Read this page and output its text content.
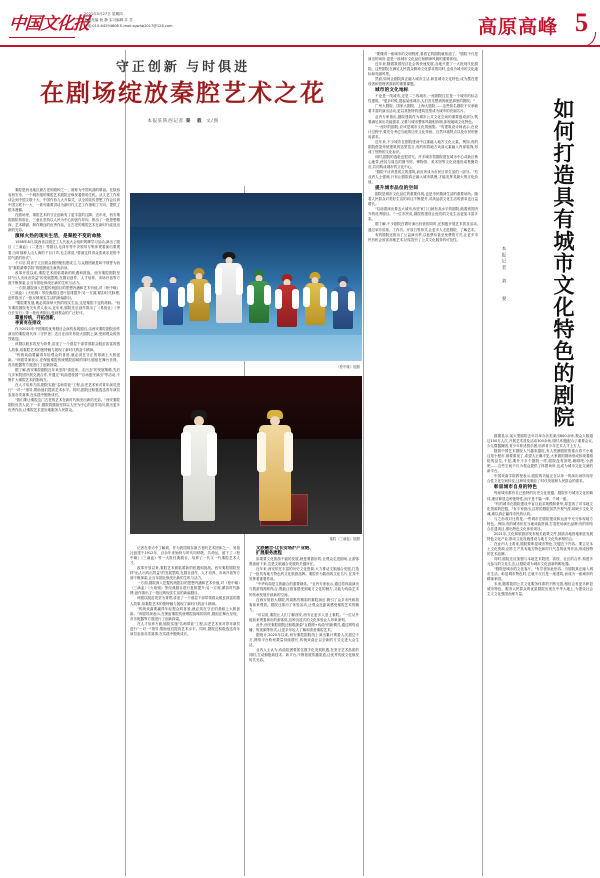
中国文化报
2021年5月27日 星期四
本版责编 倪 静 实习编辑 井 竽
电话:010-64294608 E-mail:zgwhb2017@126.com	高原高峰 5
守正创新 与时俱进
在剧场绽放秦腔艺术之花
本报驻陕西记者 秦 毅 文/图

秦腔是西北地区最古老的剧种之一，被称为中国戏曲的鼻祖。在陕西省西安市，一个城市级的秦腔艺术剧院正焕发着勃勃生机。从文艺工作座谈会到中国文联十大、中国作协九大开幕式，从全国宣传思想工作会议到中国文联十一大，一系列重要讲话为新时代文艺工作指明了方向，提供了根本遵循。

在剧场里，秦腔艺术的守正创新有了更丰富的注脚。近年来，西安秦腔剧院易俗社、三意社坚持以人民为中心的创作导向，推出了一批思想精深、艺术精湛、制作精良的优秀作品，让古老的秦腔艺术在新时代绽放出新的光彩。

演绎火热的现实生活，是秦腔不变的命脉

1958年8月,陕西省汉剧艺工人代表大会组织观摩学习活动,演出了剧目《三滴血》《二进宫》等剧目,毛泽东等中央领导专集体观看演出要观看,当时那种人山人海的千百口声,毛主席说,"要演这样得众喜欢乐见的中国气派的形式"。

个月后,同省宁立区剧众剧团便组建成立,与众剧团就是叫中领誉为西安"秦腔最尊学院"的剧团诞生就的前身。

改革开放以来,秦腔艺术面临着新的机遇和挑战。西安秦腔剧院坚持"出人出戏出效益"的发展思路,在剧目创作、人才培养、市场开拓等方面不断探索,让百年剧社焕发出新的生机与活力。

一方面,剧院深入挖掘传统剧目的思想内涵和艺术价值,对《柜中缘》《三滴血》《火焰驹》等经典剧目进行复排提升;另一方面,紧扣时代脉搏,创作推出了一批反映现实生活的新编剧目。

"秦腔要发展,就必须演绎火热的现实生活,这是秦腔不变的命脉。"西安秦腔剧院有关负责人表示,近年来,剧院先后创作推出了《易俗社》《李白长安行》等一批优秀剧目,受到观众的广泛好评。

尊重传统，开拓创新，

李寅有在排戏

作为2021年中国秦腔优秀剧目会演的参展剧目,由西安秦腔剧院创作演出的秦腔现代戏《守护者》近日在西安易俗大剧院上演,受到观众的热烈欢迎。

该剧以脱贫攻坚为背景,讲述了一个基层干部带领群众脱贫致富的感人故事,用秦腔艺术的独特魅力展现了新时代的奋斗精神。

"传统戏曲要赢得年轻观众的喜爱,就必须在守正的基础上大胆创新。"该剧导演表示,在保留秦腔传统唱腔韵味的同时,剧组在舞台呈现、音乐配器等方面进行了创新探索。

据了解,西安秦腔剧院近年来坚持"请进来、走出去"的发展策略,先后与多家院团开展交流合作,并通过"戏曲进校园""百场惠民演出"等活动,不断扩大秦腔艺术的影响力。

在人才培养方面,剧院实施"名师带徒"工程,由老艺术家对青年演员进行"一对一"指导,帮助他们提高艺术水平。同时,剧院还积极选送青年演员参加各类赛事,在实践中锻炼成长。

"我们要让秦腔这门古老的艺术在新时代焕发出新的光彩。"西安秦腔剧院负责人说,下一步,剧院将继续坚持以人民为中心的创作导向,推出更多优秀作品,让秦腔艺术更好地服务人民群众。

《柜中缘》剧照
秦腔《三滴血》剧照

记者在采访中了解到，作为我国现存最古老的艺术团体之一，易俗社创建于1912年，百余年来始终与时代同呼吸、共命运，留下了《柜中缘》《三滴血》等一大批经典剧目，培养了一代又一代秦腔艺术人才。

改革开放以来,秦腔艺术面临着新的机遇和挑战。西安秦腔剧院坚持"出人出戏出效益"的发展思路,在剧目创作、人才培养、市场开拓等方面不断探索,让百年剧社焕发出新的生机与活力。

一方面,剧院深入挖掘传统剧目的思想内涵和艺术价值,对《柜中缘》《三滴血》《火焰驹》等经典剧目进行复排提升;另一方面,紧扣时代脉搏,创作推出了一批反映现实生活的新编剧目。

该剧以脱贫攻坚为背景,讲述了一个基层干部带领群众脱贫致富的感人故事,用秦腔艺术的独特魅力展现了新时代的奋斗精神。

"传统戏曲要赢得年轻观众的喜爱,就必须在守正的基础上大胆创新。"该剧导演表示,在保留秦腔传统唱腔韵味的同时,剧组在舞台呈现、音乐配器等方面进行了创新探索。

在人才培养方面,剧院实施"名师带徒"工程,由老艺术家对青年演员进行"一对一"指导,帮助他们提高艺术水平。同时,剧院还积极选送青年演员参加各类赛事,在实践中锻炼成长。

文旅融合·让长安塔沪产业链、

扩展服务流程

如果要文化旅游不能的发展,就是要靠好的,让观众走进剧场,让游客愿意留下来,这是文旅融合发展的关键所在。

近年来,西安依托丰富的历史文化资源,大力推动文旅融合发展,打造了一批具有地方特色的文化旅游品牌。秦腔作为陕西的文化名片,在其中发挥着重要作用。

"中华戏曲是文旅融合的重要载体。"业内专家表示,通过将戏曲演出与旅游线路相结合,既能让游客感受到地方文化的魅力,又能为戏曲艺术的传承发展开辟新的空间。

在西安易俗大剧院,每周都有精彩的秦腔演出,吸引了众多市民和游客前来观看。剧院还推出了体验活动,让观众近距离感受秦腔艺术的魅力。

"可以说,秦腔让人们了解西安,西安让更多人爱上秦腔。"一位从外地前来观看演出的游客说,这种沉浸式的文化体验让人印象深刻。

此外,西安秦腔剧院还积极探索"互联网+戏曲"的新模式,通过网络直播、短视频等形式,让更多年轻人了解和喜爱秦腔艺术。

据统计,2020年以来,西安秦腔剧院线上演出累计观看人次超过千万,网络平台粉丝数量持续增长,传统戏曲正以全新的方式走进大众生活。

业内人士认为,戏曲院团要抓住数字化发展机遇,在坚守艺术品质的同时,主动拥抱新技术、新平台,不断拓展传播渠道,让优秀传统文化焕发时代光彩。

"要懂得一座城市的文明程度,看看它的剧院就知道了。"剧院不仅是演出的场所,更是一座城市文化品位和精神风貌的重要体现。

近年来,随着我国经济社会的快速发展,各地兴建了一大批现代化剧院。这些剧院在满足人民群众精神文化需求的同时,也成为城市的文化地标和亮丽风景。

然而,如何让剧院真正融入城市生活,彰显城市文化特色,成为摆在建设者和管理者面前的重要课题。

城市的文化地标

不论是一线城市,还是二三线城市,一座剧院往往是一个城市的标志性建筑。"很多时候,提起某座城市,人们首先想到的就是那里的剧院。"

广州大剧院、国家大剧院、上海大剧院……这些知名剧院不仅承载着丰富的演出活动,更以其独特的建筑造型成为城市的亮丽名片。

业内专家指出,剧院建筑作为城市公共文化空间的重要组成部分,既要满足演出功能需求,又要与城市整体风貌相协调,体现地域文化特色。

"一座好的剧院,应该是城市文化的缩影。"有建筑设计师表示,在设计过程中,要充分考虑当地的历史文化传统、自然环境特点以及市民的使用需求。

近年来,不少城市在剧院建设中注重融入地方文化元素。例如,有的剧院借鉴传统建筑的造型语言,有的则将地方戏曲元素融入内部装饰,形成了独特的文化标识。

同时,剧院的选址也很讲究。许多城市将剧院建在城市中心或新区核心地带,使其与周边的图书馆、博物馆、美术馆等文化设施形成集聚效应,共同构成城市的文化中心。

"剧院不应该是孤立的建筑,而应该成为市民日常生活的一部分。"有业内人士强调,只有让剧院真正融入城市肌理,才能发挥其最大的文化价值。

提升城市品位的空间

剧院是城市文化品位的重要体现,也是市民精神生活的重要场所。随着人民群众对美好生活的向往不断提升,对高品质文化生活的需求也日益增长。

"以前看演出要去大城市,现在家门口就有高水平的剧院,能看到国内外的优秀剧目。"一位市民说,剧院的建设让他们的文化生活更加丰富多彩。

据了解,不少剧院在做好演出经营的同时,还积极开展艺术普及活动,通过举办讲座、工作坊、开放日等形式,让更多人走进剧院、了解艺术。

有的剧院还推出了公益演出季,以低票价甚至免费的方式,让更多市民有机会欣赏高雅艺术,切实提升了公共文化服务的可及性。	如何打造具有城市文化特色的剧院
本报记者 刘 妻

数据显示,某大型剧院去年共举办各类演出800余场,观众人数超过100万人次,开展艺术普及活动300余场,同时,积极配合了重要会议,少儿暨器舞团,青少年仲适管乐团,培养青少年艺术人才上万人。

随着中国艺术剧院人气越来越旺,有人预测剧院的重点将不小地这知小程市,都要重视了,希望人正确平见,大家做的剧场形成体现着剧院的品位,千是,要升不多个剧院一样,剧院没有茶吧,咖啡吧,小酒吧……这些空间不仅为观众提供了休憩场所,也成为城市文化交流的新平台。

中国戏曲学院教授表示,剧院的功能正在从单一的演出场所向综合性文化空间转变,这种转变顺应了时代发展和人民群众的需求。

彰显城市自身的特色

每座城市都有自己独特的历史文化底蕴。剧院作为城市文化的载体,理应彰显这种独特性,而不是千篇一律、千城一面。

"有的城市在剧院建设中盲目追求规模和豪华,却忽视了对本地文化资源的挖掘。"有专家指出,这样的剧院虽然外观气派,却缺少文化灵魂,难以真正赢得市民的认同。

与之形成对比的是,一些城市在剧院建设和运营中充分体现地方特色。例如,有的城市依托当地戏曲资源,打造驻场演出品牌;有的则结合非遗项目,推出特色文化体验项目。

2021年,文化和旅游部发布相关政策文件,鼓励各地因地制宜发展特色文化产业,推动文化设施建设与地方文化传承相结合。

在业内人士看来,剧院要彰显城市特色,关键在于内容。要立足本土文化资源,创作生产具有地方特色和时代气息的优秀作品,形成独特的艺术品牌。

同时,剧院还应加强与本地艺术院团、高校、社区的合作,构建多元参与的文化生态,让剧院成为城市文化创新的孵化器。

"剧院是城市的文化客厅。"有学者如此形容。当剧院真正融入城市生活、彰显城市特色时,它就不仅仅是一座建筑,而成为一座城市的精神家园。

未来,随着我国公共文化服务体系的不断完善,相信会有更多彰显城市特色、服务人民群众的优质剧院出现在中华大地上,为建设社会主义文化强国贡献力量。
